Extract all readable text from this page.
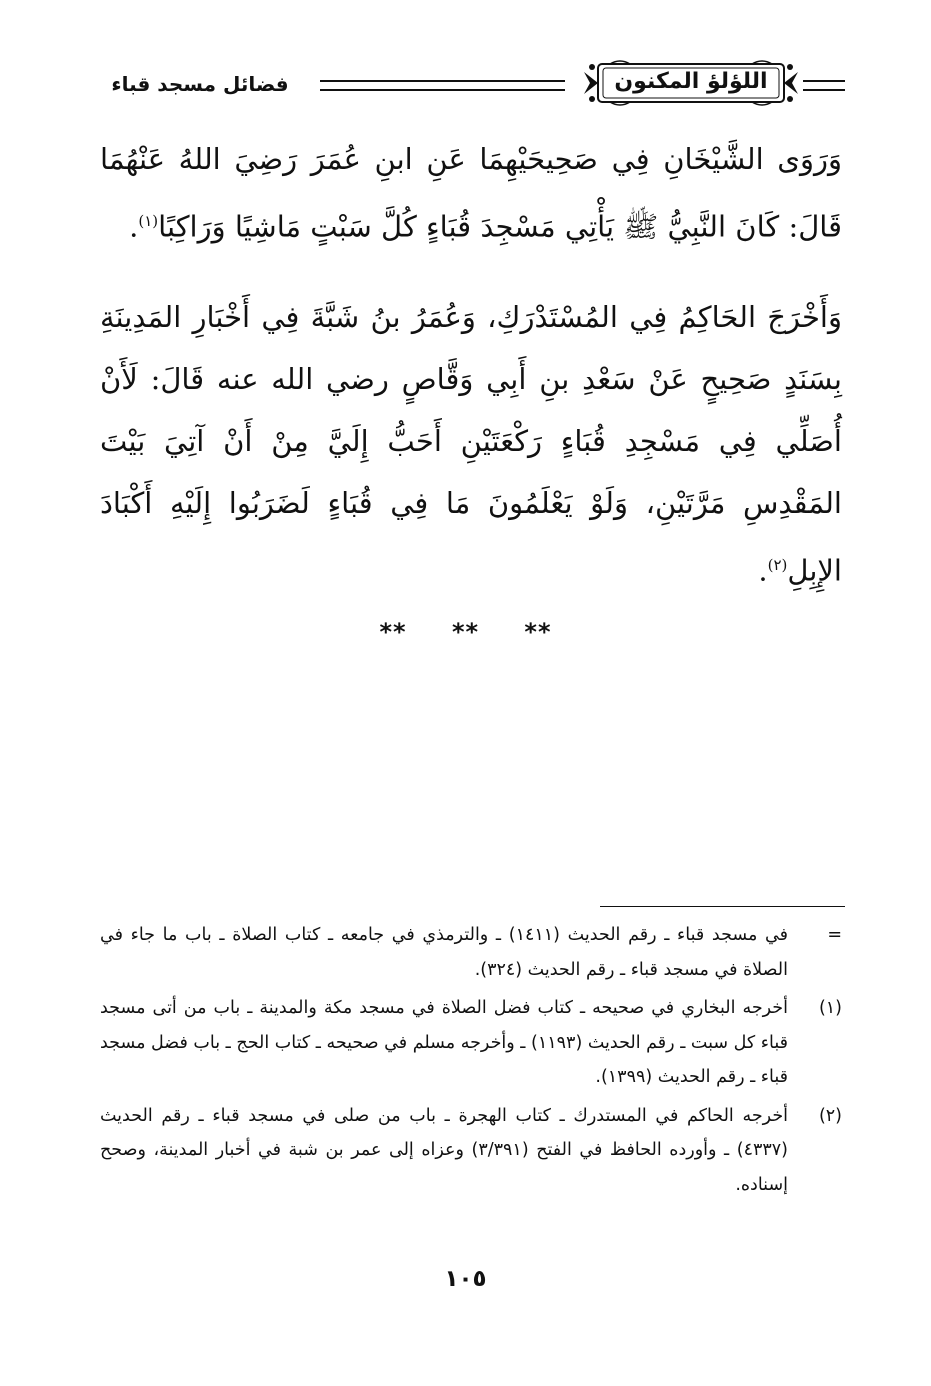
اللؤلؤ المكنون
فضائل مسجد قباء

وَرَوَى الشَّيْخَانِ فِي صَحِيحَيْهِمَا عَنِ ابنِ عُمَرَ رَضِيَ اللهُ عَنْهُمَا قَالَ: كَانَ النَّبِيُّ ﷺ يَأْتِي مَسْجِدَ قُبَاءٍ كُلَّ سَبْتٍ مَاشِيًا وَرَاكِبًا$^{(١)}$.

وَأَخْرَجَ الحَاكِمُ فِي المُسْتَدْرَكِ، وَعُمَرُ بنُ شَبَّةَ فِي أَخْبَارِ المَدِينَةِ بِسَنَدٍ صَحِيحٍ عَنْ سَعْدِ بنِ أَبِي وَقَّاصٍ رضي الله عنه قَالَ: لَأَنْ أُصَلِّي فِي مَسْجِدِ قُبَاءٍ رَكْعَتَيْنِ أَحَبُّ إِلَيَّ مِنْ أَنْ آتِيَ بَيْتَ المَقْدِسِ مَرَّتَيْنِ، وَلَوْ يَعْلَمُونَ مَا فِي قُبَاءٍ لَضَرَبُوا إِلَيْهِ أَكْبَادَ الإِبِلِ$^{(٢)}$.

** ** **
=
في مسجد قباء ـ رقم الحديث (١٤١١) ـ والترمذي في جامعه ـ كتاب الصلاة ـ باب ما جاء في الصلاة في مسجد قباء ـ رقم الحديث (٣٢٤).
(١)
أخرجه البخاري في صحيحه ـ كتاب فضل الصلاة في مسجد مكة والمدينة ـ باب من أتى مسجد قباء كل سبت ـ رقم الحديث (١١٩٣) ـ وأخرجه مسلم في صحيحه ـ كتاب الحج ـ باب فضل مسجد قباء ـ رقم الحديث (١٣٩٩).
(٢)
أخرجه الحاكم في المستدرك ـ كتاب الهجرة ـ باب من صلى في مسجد قباء ـ رقم الحديث (٤٣٣٧) ـ وأورده الحافظ في الفتح (٣/٣٩١) وعزاه إلى عمر بن شبة في أخبار المدينة، وصحح إسناده.
١٠٥
